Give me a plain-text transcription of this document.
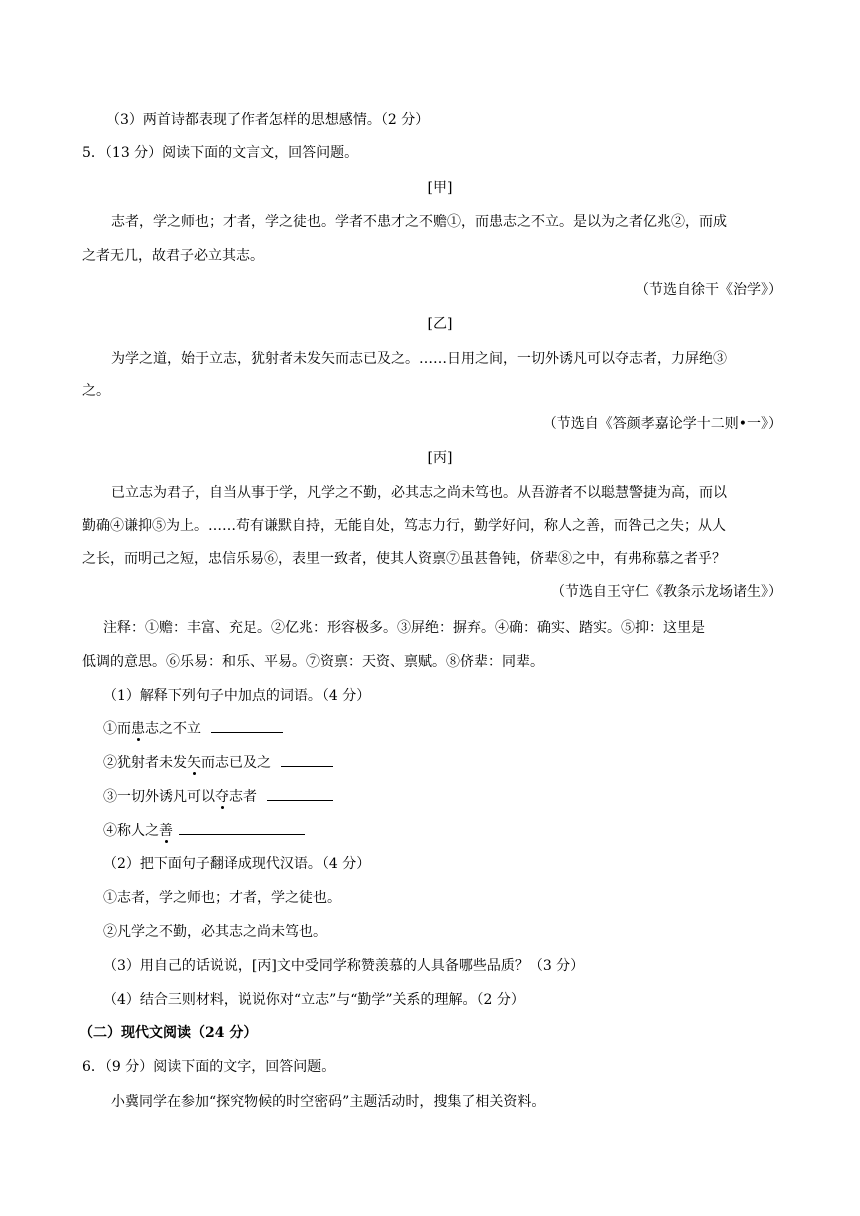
（3）两首诗都表现了作者怎样的思想感情。（2 分）
5．（13 分）阅读下面的文言文，回答问题。
[甲]
志者，学之师也；才者，学之徒也。学者不患才之不赡①，而患志之不立。是以为之者亿兆②，而成
之者无几，故君子必立其志。
（节选自徐干《治学》）
[乙]
为学之道，始于立志，犹射者未发矢而志已及之。……日用之间，一切外诱凡可以夺志者，力屏绝③
之。
（节选自《答颜孝嘉论学十二则•一》）
[丙]
已立志为君子，自当从事于学，凡学之不勤，必其志之尚未笃也。从吾游者不以聪慧警捷为高，而以
勤确④谦抑⑤为上。……苟有谦默自持，无能自处，笃志力行，勤学好问，称人之善，而咎己之失；从人
之长，而明己之短，忠信乐易⑥，表里一致者，使其人资禀⑦虽甚鲁钝，侪辈⑧之中，有弗称慕之者乎？
（节选自王守仁《教条示龙场诸生》）
注释：①赡：丰富、充足。②亿兆：形容极多。③屏绝：摒弃。④确：确实、踏实。⑤抑：这里是
低调的意思。⑥乐易：和乐、平易。⑦资禀：天资、禀赋。⑧侪辈：同辈。
（1）解释下列句子中加点的词语。（4 分）
①而患志之不立
②犹射者未发矢而志已及之
③一切外诱凡可以夺志者
④称人之善
（2）把下面句子翻译成现代汉语。（4 分）
①志者，学之师也；才者，学之徒也。
②凡学之不勤，必其志之尚未笃也。
（3）用自己的话说说，[丙]文中受同学称赞羡慕的人具备哪些品质？（3 分）
（4）结合三则材料，说说你对“立志”与“勤学”关系的理解。（2 分）
（二）现代文阅读（24 分）
6．（9 分）阅读下面的文字，回答问题。
小冀同学在参加“探究物候的时空密码”主题活动时，搜集了相关资料。
